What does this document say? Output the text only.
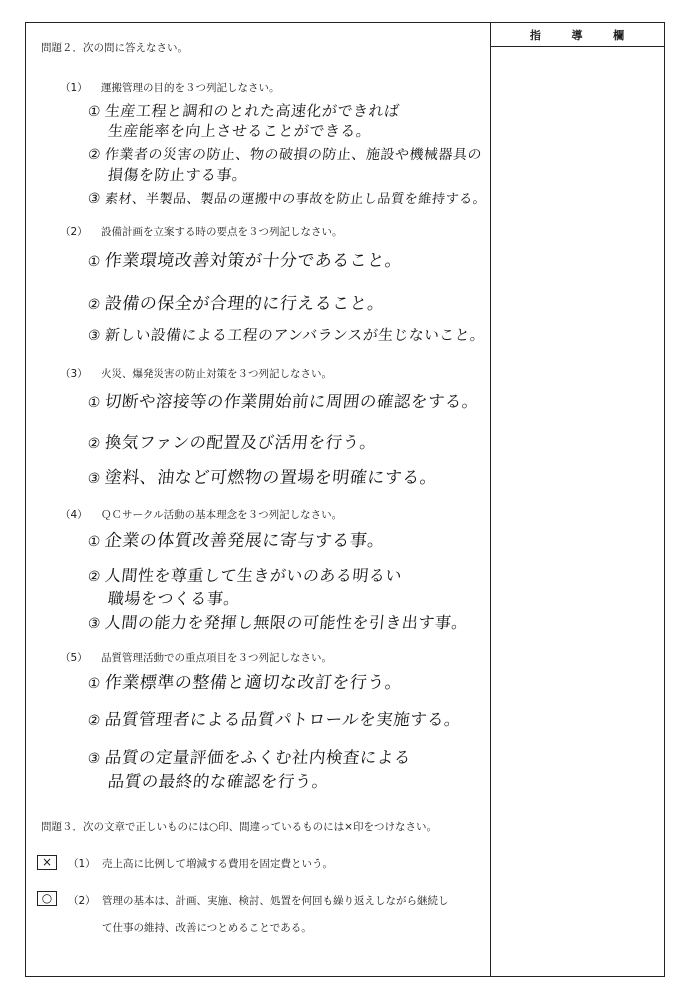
指	導	欄
問題２．次の問に答えなさい。
（1） 運搬管理の目的を３つ列記しなさい。
① 生産工程と調和のとれた高速化ができれば
生産能率を向上させることができる。
② 作業者の災害の防止、物の破損の防止、施設や機械器具の
損傷を防止する事。
③ 素材、半製品、製品の運搬中の事故を防止し品質を維持する。
（2） 設備計画を立案する時の要点を３つ列記しなさい。
① 作業環境改善対策が十分であること。
② 設備の保全が合理的に行えること。
③ 新しい設備による工程のアンバランスが生じないこと。
（3） 火災、爆発災害の防止対策を３つ列記しなさい。
① 切断や溶接等の作業開始前に周囲の確認をする。
② 換気ファンの配置及び活用を行う。
③ 塗料、油など可燃物の置場を明確にする。
（4） ＱＣサークル活動の基本理念を３つ列記しなさい。
① 企業の体質改善発展に寄与する事。
② 人間性を尊重して生きがいのある明るい
職場をつくる事。
③ 人間の能力を発揮し無限の可能性を引き出す事。
（5） 品質管理活動での重点項目を３つ列記しなさい。
① 作業標準の整備と適切な改訂を行う。
② 品質管理者による品質パトロールを実施する。
③ 品質の定量評価をふくむ社内検査による
品質の最終的な確認を行う。
問題３．次の文章で正しいものには○印、間違っているものには×印をつけなさい。
×	（1） 売上高に比例して増減する費用を固定費という。
○	（2） 管理の基本は、計画、実施、検討、処置を何回も繰り返えしながら継続し
て仕事の維持、改善につとめることである。
